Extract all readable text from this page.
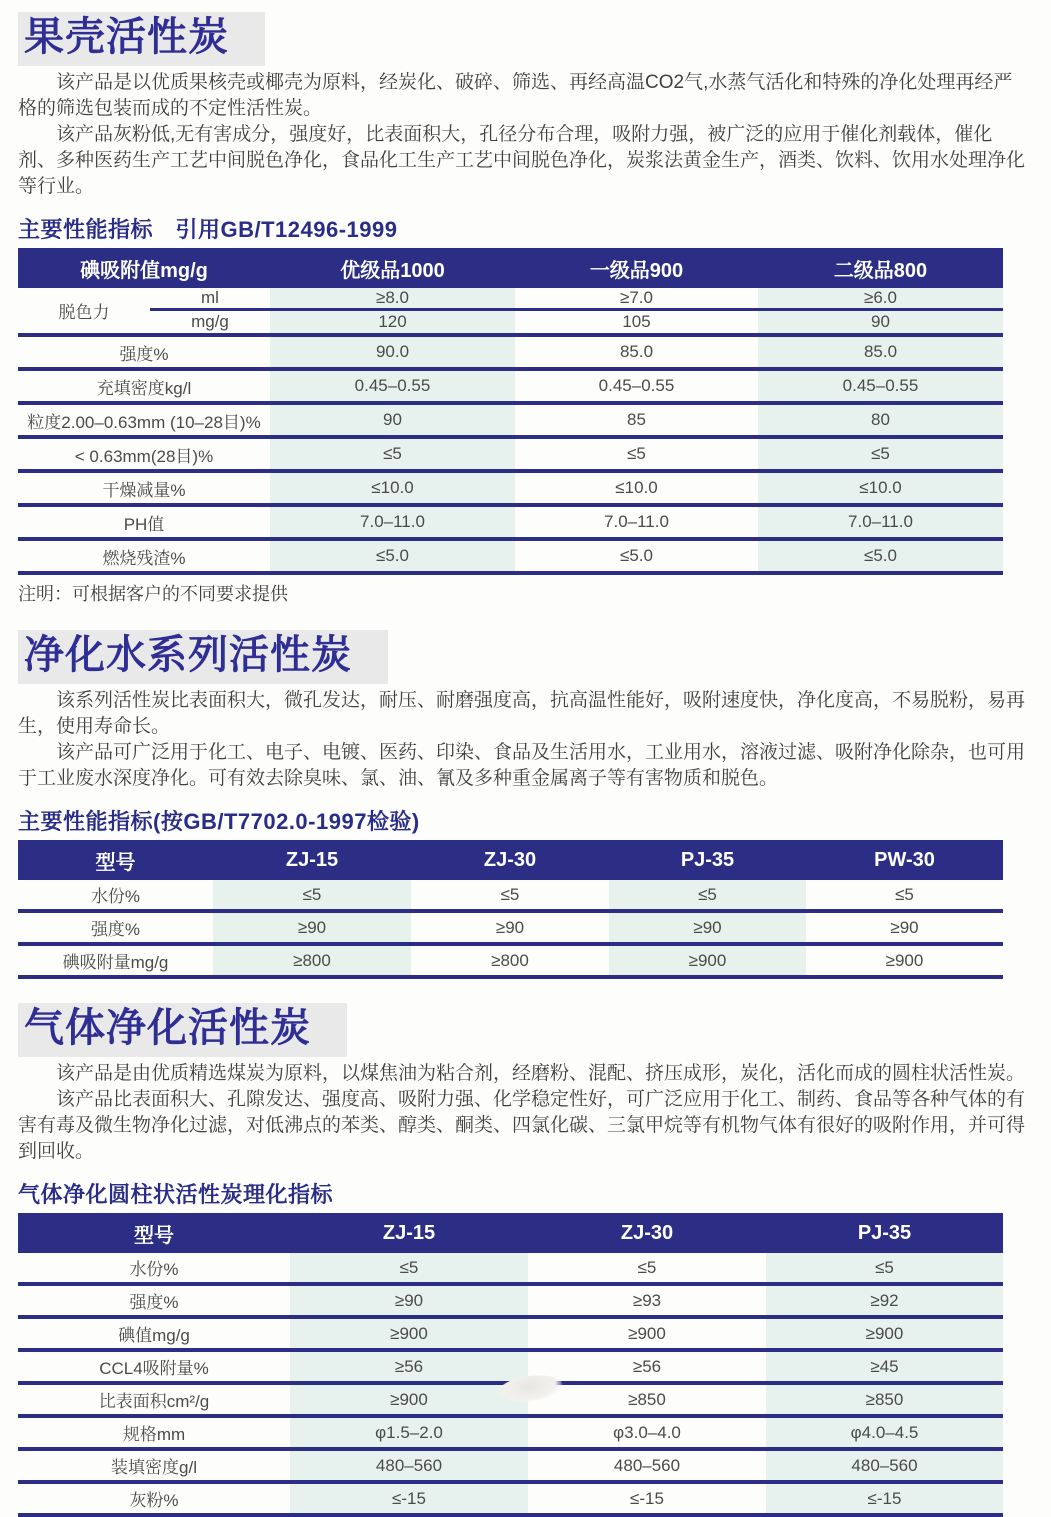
果壳活性炭

该产品是以优质果核壳或椰壳为原料，经炭化、破碎、筛选、再经高温CO2气,水蒸气活化和特殊的净化处理再经严格的筛选包装而成的不定性活性炭。

该产品灰粉低,无有害成分，强度好，比表面积大，孔径分布合理，吸附力强，被广泛的应用于催化剂载体，催化剂、多种医药生产工艺中间脱色净化，食品化工生产工艺中间脱色净化，炭浆法黄金生产，酒类、饮料、饮用水处理净化等行业。

主要性能指标　引用GB/T12496-1999
碘吸附值mg/g		优级品1000	一级品900	二级品800
脱色力	ml	≥8.0	≥7.0	≥6.0
	mg/g	120	105	90
强度%		90.0	85.0	85.0
充填密度kg/l		0.45–0.55	0.45–0.55	0.45–0.55
粒度2.00–0.63mm (10–28目)%		90	85	80
< 0.63mm(28目)%		≤5	≤5	≤5
干燥减量%		≤10.0	≤10.0	≤10.0
PH值		7.0–11.0	7.0–11.0	7.0–11.0
燃烧残渣%		≤5.0	≤5.0	≤5.0
注明：可根据客户的不同要求提供
净化水系列活性炭

该系列活性炭比表面积大，微孔发达，耐压、耐磨强度高，抗高温性能好，吸附速度快，净化度高，不易脱粉，易再生，使用寿命长。

该产品可广泛用于化工、电子、电镀、医药、印染、食品及生活用水，工业用水，溶液过滤、吸附净化除杂，也可用于工业废水深度净化。可有效去除臭味、氯、油、氰及多种重金属离子等有害物质和脱色。

主要性能指标(按GB/T7702.0-1997检验)
型号	ZJ-15	ZJ-30	PJ-35	PW-30
水份%	≤5	≤5	≤5	≤5
强度%	≥90	≥90	≥90	≥90
碘吸附量mg/g	≥800	≥800	≥900	≥900
气体净化活性炭

该产品是由优质精选煤炭为原料，以煤焦油为粘合剂，经磨粉、混配、挤压成形，炭化，活化而成的圆柱状活性炭。

该产品比表面积大、孔隙发达、强度高、吸附力强、化学稳定性好，可广泛应用于化工、制药、食品等各种气体的有害有毒及微生物净化过滤，对低沸点的苯类、醇类、酮类、四氯化碳、三氯甲烷等有机物气体有很好的吸附作用，并可得到回收。

气体净化圆柱状活性炭理化指标
型号	ZJ-15	ZJ-30	PJ-35
水份%	≤5	≤5	≤5
强度%	≥90	≥93	≥92
碘值mg/g	≥900	≥900	≥900
CCL4吸附量%	≥56	≥56	≥45
比表面积cm²/g	≥900	≥850	≥850
规格mm	φ1.5–2.0	φ3.0–4.0	φ4.0–4.5
装填密度g/l	480–560	480–560	480–560
灰粉%	≤-15	≤-15	≤-15
